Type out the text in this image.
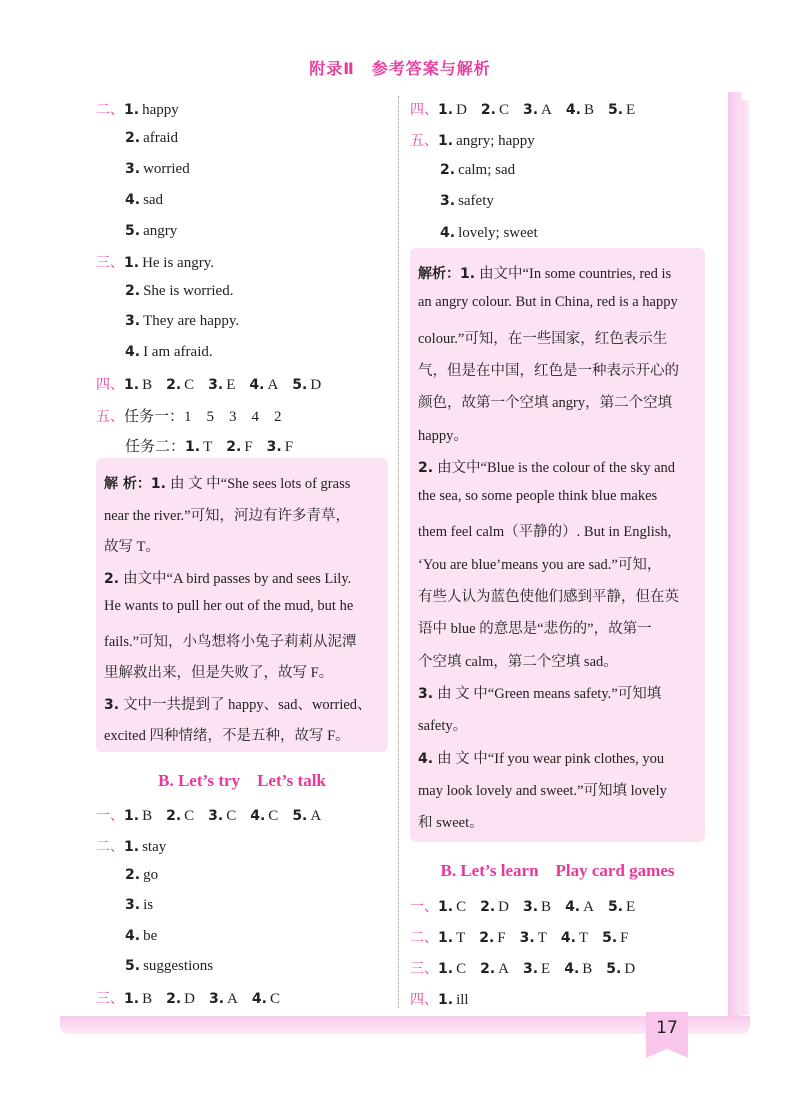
附录Ⅱ　参考答案与解析
二、1. happy
2. afraid
3. worried
4. sad
5. angry
三、1. He is angry.
2. She is worried.
3. They are happy.
4. I am afraid.
四、1. B 2. C 3. E 4. A 5. D
五、任务一：1　5　3　4　2
任务二：1. T 2. F 3. F
解 析：1. 由 文 中“She sees lots of grass
near the river.”可知，河边有许多青草，
故写 T。
2. 由文中“A bird passes by and sees Lily.
He wants to pull her out of the mud, but he
fails.”可知，小鸟想将小兔子莉莉从泥潭
里解救出来，但是失败了，故写 F。
3. 文中一共提到了 happy、sad、worried、
excited 四种情绪，不是五种，故写 F。
B. Let’s try　Let’s talk
一、1. B 2. C 3. C 4. C 5. A
二、1. stay
2. go
3. is
4. be
5. suggestions
三、1. B 2. D 3. A 4. C
四、1. D 2. C 3. A 4. B 5. E
五、1. angry; happy
2. calm; sad
3. safety
4. lovely; sweet
解析：1. 由文中“In some countries, red is
an angry colour. But in China, red is a happy
colour.”可知，在一些国家，红色表示生
气，但是在中国，红色是一种表示开心的
颜色，故第一个空填 angry，第二个空填
happy。
2. 由文中“Blue is the colour of the sky and
the sea, so some people think blue makes
them feel calm（平静的）. But in English,
‘You are blue’means you are sad.”可知，
有些人认为蓝色使他们感到平静，但在英
语中 blue 的意思是“悲伤的”，故第一
个空填 calm，第二个空填 sad。
3. 由 文 中“Green means safety.”可知填
safety。
4. 由 文 中“If you wear pink clothes, you
may look lovely and sweet.”可知填 lovely
和 sweet。
B. Let’s learn　Play card games
一、1. C 2. D 3. B 4. A 5. E
二、1. T 2. F 3. T 4. T 5. F
三、1. C 2. A 3. E 4. B 5. D
四、1. ill
17
